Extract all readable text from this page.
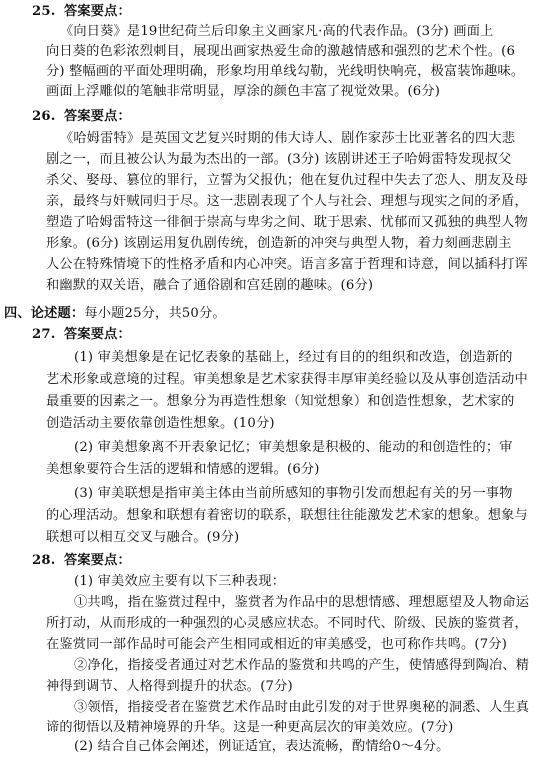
25. 答案要点：
《向日葵》是19世纪荷兰后印象主义画家凡·高的代表作品。(3分) 画面上
向日葵的色彩浓烈刺目，展现出画家热爱生命的激越情感和强烈的艺术个性。(6
分) 整幅画的平面处理明确，形象均用单线勾勒，光线明快响亮，极富装饰趣味。
画面上浮雕似的笔触非常明显，厚涂的颜色丰富了视觉效果。(6分)
26. 答案要点：
《哈姆雷特》是英国文艺复兴时期的伟大诗人、剧作家莎士比亚著名的四大悲
剧之一，而且被公认为最为杰出的一部。(3分) 该剧讲述王子哈姆雷特发现叔父
杀父、娶母、篡位的罪行，立誓为父报仇；他在复仇过程中失去了恋人、朋友及母
亲，最终与奸贼同归于尽。这一悲剧表现了个人与社会、理想与现实之间的矛盾，
塑造了哈姆雷特这一徘徊于崇高与卑劣之间、耽于思索、忧郁而又孤独的典型人物
形象。(6分) 该剧运用复仇剧传统，创造新的冲突与典型人物，着力刻画悲剧主
人公在特殊情境下的性格矛盾和内心冲突。语言多富于哲理和诗意，间以插科打诨
和幽默的双关语，融合了通俗剧和宫廷剧的趣味。(6分)
四、论述题：每小题25分，共50分。
27. 答案要点：
(1) 审美想象是在记忆表象的基础上，经过有目的的组织和改造，创造新的
艺术形象或意境的过程。审美想象是艺术家获得丰厚审美经验以及从事创造活动中
最重要的因素之一。想象分为再造性想象（知觉想象）和创造性想象，艺术家的
创造活动主要依靠创造性想象。(10分)
(2) 审美想象离不开表象记忆；审美想象是积极的、能动的和创造性的；审
美想象要符合生活的逻辑和情感的逻辑。(6分)
(3) 审美联想是指审美主体由当前所感知的事物引发而想起有关的另一事物
的心理活动。想象和联想有着密切的联系，联想往往能激发艺术家的想象。想象与
联想可以相互交叉与融合。(9分)
28. 答案要点：
(1) 审美效应主要有以下三种表现：
①共鸣，指在鉴赏过程中，鉴赏者为作品中的思想情感、理想愿望及人物命运
所打动，从而形成的一种强烈的心灵感应状态。不同时代、阶级、民族的鉴赏者，
在鉴赏同一部作品时可能会产生相同或相近的审美感受，也可称作共鸣。(7分)
②净化，指接受者通过对艺术作品的鉴赏和共鸣的产生，使情感得到陶冶、精
神得到调节、人格得到提升的状态。(7分)
③领悟，指接受者在鉴赏艺术作品时由此引发的对于世界奥秘的洞悉、人生真
谛的彻悟以及精神境界的升华。这是一种更高层次的审美效应。(7分)
(2) 结合自己体会阐述，例证适宜，表达流畅，酌情给0～4分。
